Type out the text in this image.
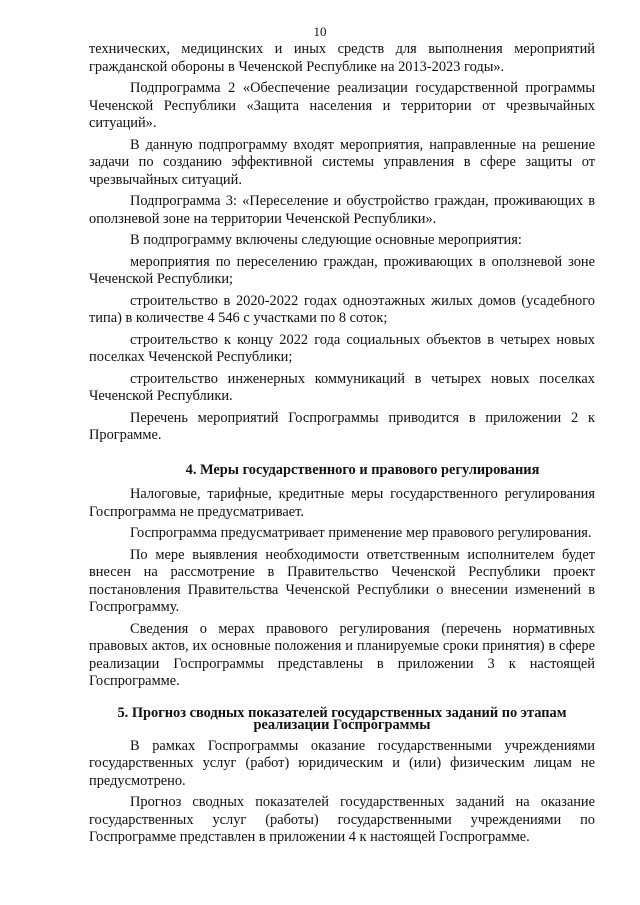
10

технических, медицинских и иных средств для выполнения мероприятий гражданской обороны в Чеченской Республике на 2013-2023 годы».

Подпрограмма 2 «Обеспечение реализации государственной программы Чеченской Республики «Защита населения и территории от чрезвычайных ситуаций».

В данную подпрограмму входят мероприятия, направленные на решение задачи по созданию эффективной системы управления в сфере защиты от чрезвычайных ситуаций.

Подпрограмма 3: «Переселение и обустройство граждан, проживающих в оползневой зоне на территории Чеченской Республики».

В подпрограмму включены следующие основные мероприятия:

мероприятия по переселению граждан, проживающих в оползневой зоне Чеченской Республики;

строительство в 2020-2022 годах одноэтажных жилых домов (усадебного типа) в количестве 4 546 с участками по 8 соток;

строительство к концу 2022 года социальных объектов в четырех новых поселках Чеченской Республики;

строительство инженерных коммуникаций в четырех новых поселках Чеченской Республики.

Перечень мероприятий Госпрограммы приводится в приложении 2 к Программе.

4. Меры государственного и правового регулирования

Налоговые, тарифные, кредитные меры государственного регулирования Госпрограмма не предусматривает.

Госпрограмма предусматривает применение мер правового регулирования.

По мере выявления необходимости ответственным исполнителем будет внесен на рассмотрение в Правительство Чеченской Республики проект постановления Правительства Чеченской Республики о внесении изменений в Госпрограмму.

Сведения о мерах правового регулирования (перечень нормативных правовых актов, их основные положения и планируемые сроки принятия) в сфере реализации Госпрограммы представлены в приложении 3 к настоящей Госпрограмме.

5. Прогноз сводных показателей государственных заданий по этапам
реализации Госпрограммы

В рамках Госпрограммы оказание государственными учреждениями государственных услуг (работ) юридическим и (или) физическим лицам не предусмотрено.

Прогноз сводных показателей государственных заданий на оказание государственных услуг (работы) государственными учреждениями по Госпрограмме представлен в приложении 4 к настоящей Госпрограмме.
